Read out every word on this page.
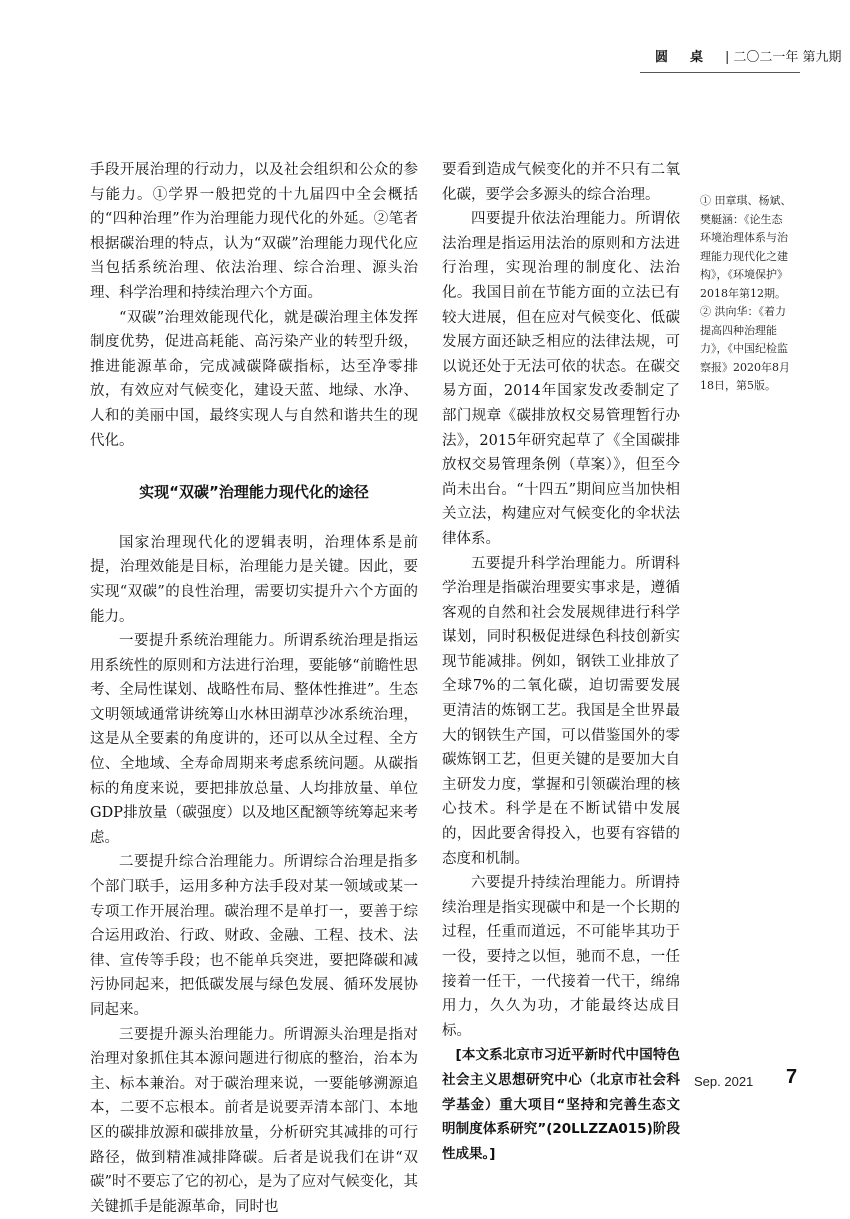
圆桌| 二〇二一年 第九期

手段开展治理的行动力，以及社会组织和公众的参与能力。①学界一般把党的十九届四中全会概括的“四种治理”作为治理能力现代化的外延。②笔者根据碳治理的特点，认为“双碳”治理能力现代化应当包括系统治理、依法治理、综合治理、源头治理、科学治理和持续治理六个方面。

“双碳”治理效能现代化，就是碳治理主体发挥制度优势，促进高耗能、高污染产业的转型升级，推进能源革命，完成减碳降碳指标，达至净零排放，有效应对气候变化，建设天蓝、地绿、水净、人和的美丽中国，最终实现人与自然和谐共生的现代化。

实现“双碳”治理能力现代化的途径

国家治理现代化的逻辑表明，治理体系是前提，治理效能是目标，治理能力是关键。因此，要实现“双碳”的良性治理，需要切实提升六个方面的能力。

一要提升系统治理能力。所谓系统治理是指运用系统性的原则和方法进行治理，要能够“前瞻性思考、全局性谋划、战略性布局、整体性推进”。生态文明领域通常讲统筹山水林田湖草沙冰系统治理，这是从全要素的角度讲的，还可以从全过程、全方位、全地域、全寿命周期来考虑系统问题。从碳指标的角度来说，要把排放总量、人均排放量、单位GDP排放量（碳强度）以及地区配额等统筹起来考虑。

二要提升综合治理能力。所谓综合治理是指多个部门联手，运用多种方法手段对某一领域或某一专项工作开展治理。碳治理不是单打一，要善于综合运用政治、行政、财政、金融、工程、技术、法律、宣传等手段；也不能单兵突进，要把降碳和减污协同起来，把低碳发展与绿色发展、循环发展协同起来。

三要提升源头治理能力。所谓源头治理是指对治理对象抓住其本源问题进行彻底的整治，治本为主、标本兼治。对于碳治理来说，一要能够溯源追本，二要不忘根本。前者是说要弄清本部门、本地区的碳排放源和碳排放量，分析研究其减排的可行路径，做到精准减排降碳。后者是说我们在讲“双碳”时不要忘了它的初心，是为了应对气候变化，其关键抓手是能源革命，同时也

要看到造成气候变化的并不只有二氧化碳，要学会多源头的综合治理。

四要提升依法治理能力。所谓依法治理是指运用法治的原则和方法进行治理，实现治理的制度化、法治化。我国目前在节能方面的立法已有较大进展，但在应对气候变化、低碳发展方面还缺乏相应的法律法规，可以说还处于无法可依的状态。在碳交易方面，2014年国家发改委制定了部门规章《碳排放权交易管理暂行办法》，2015年研究起草了《全国碳排放权交易管理条例（草案）》，但至今尚未出台。“十四五”期间应当加快相关立法，构建应对气候变化的伞状法律体系。

五要提升科学治理能力。所谓科学治理是指碳治理要实事求是，遵循客观的自然和社会发展规律进行科学谋划，同时积极促进绿色科技创新实现节能减排。例如，钢铁工业排放了全球7%的二氧化碳，迫切需要发展更清洁的炼钢工艺。我国是全世界最大的钢铁生产国，可以借鉴国外的零碳炼钢工艺，但更关键的是要加大自主研发力度，掌握和引领碳治理的核心技术。科学是在不断试错中发展的，因此要舍得投入，也要有容错的态度和机制。

六要提升持续治理能力。所谓持续治理是指实现碳中和是一个长期的过程，任重而道远，不可能毕其功于一役，要持之以恒，驰而不息，一任接着一任干，一代接着一代干，绵绵用力，久久为功，才能最终达成目标。

[本文系北京市习近平新时代中国特色社会主义思想研究中心（北京市社会科学基金）重大项目“坚持和完善生态文明制度体系研究”(20LLZZA015)阶段性成果。]

① 田章琪、杨斌、樊艇涵：《论生态环境治理体系与治理能力现代化之建构》，《环境保护》2018年第12期。

② 洪向华：《着力提高四种治理能力》，《中国纪检监察报》2020年8月18日，第5版。

Sep. 2021 7
